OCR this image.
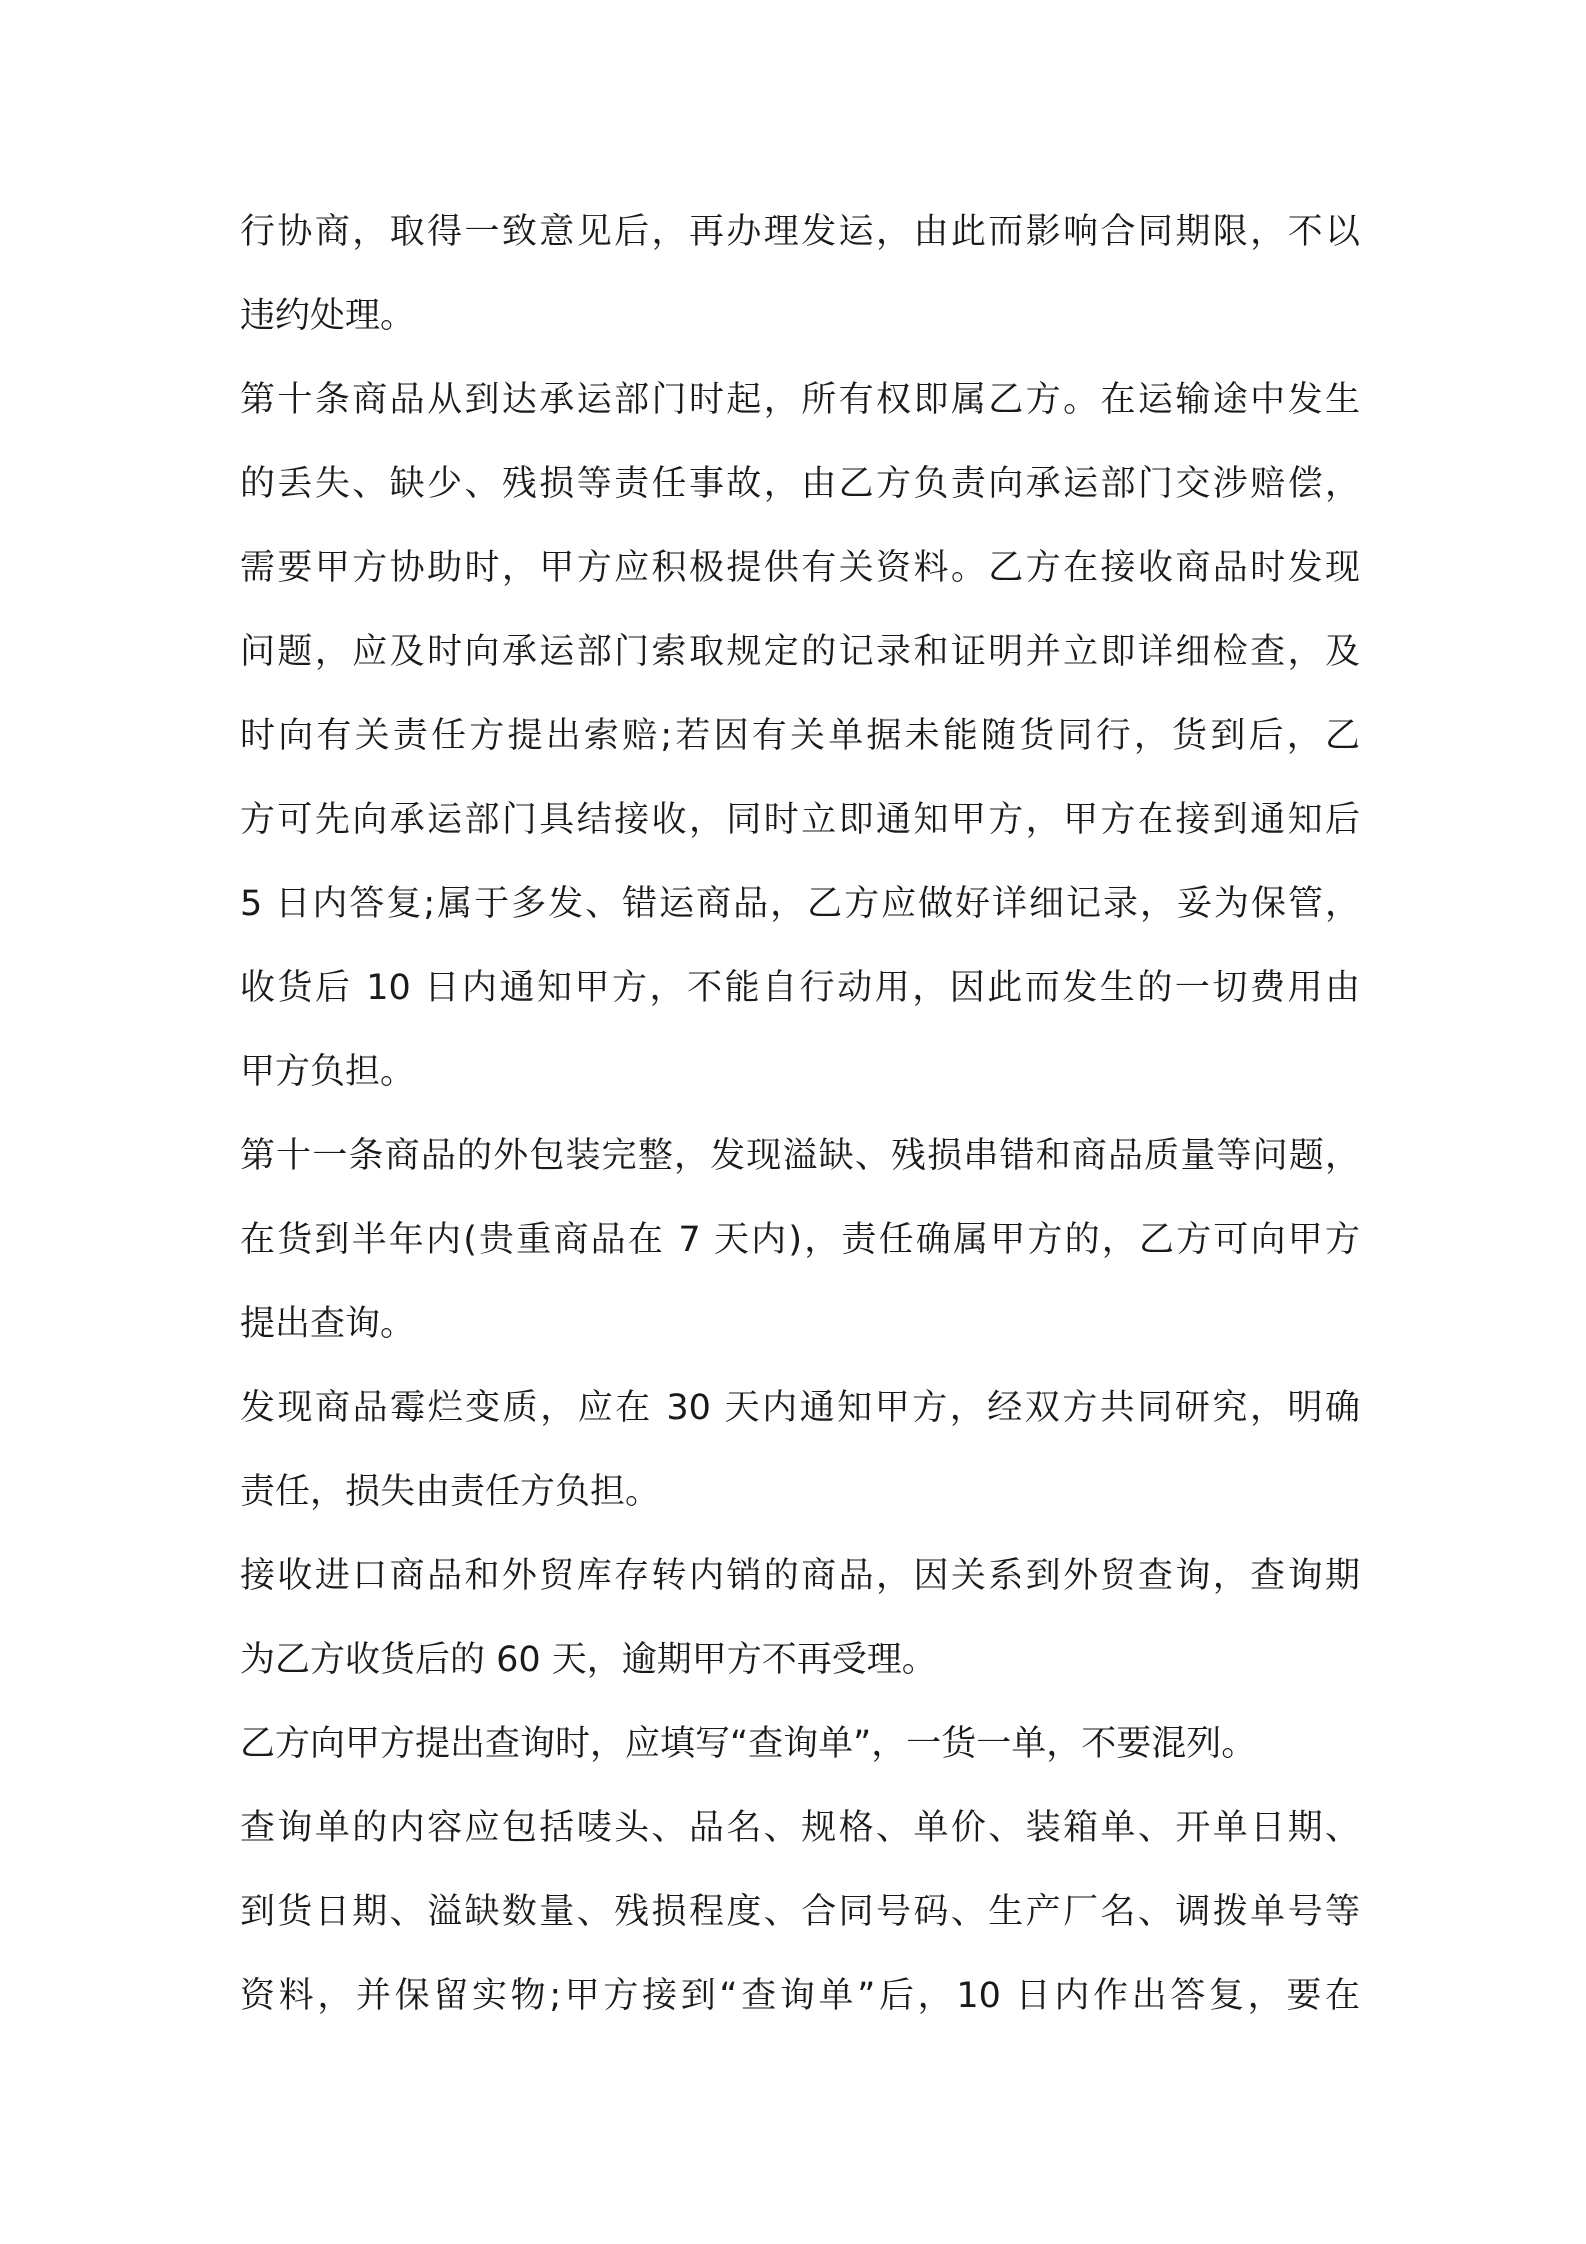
行协商，取得一致意见后，再办理发运，由此而影响合同期限，不以
违约处理。
第十条商品从到达承运部门时起，所有权即属乙方。在运输途中发生
的丢失、缺少、残损等责任事故，由乙方负责向承运部门交涉赔偿，
需要甲方协助时，甲方应积极提供有关资料。乙方在接收商品时发现
问题，应及时向承运部门索取规定的记录和证明并立即详细检查，及
时向有关责任方提出索赔;若因有关单据未能随货同行，货到后，乙
方可先向承运部门具结接收，同时立即通知甲方，甲方在接到通知后
5 日内答复;属于多发、错运商品，乙方应做好详细记录，妥为保管，
收货后 10 日内通知甲方，不能自行动用，因此而发生的一切费用由
甲方负担。
第十一条商品的外包装完整，发现溢缺、残损串错和商品质量等问题，
在货到半年内(贵重商品在 7 天内)，责任确属甲方的，乙方可向甲方
提出查询。
发现商品霉烂变质，应在 30 天内通知甲方，经双方共同研究，明确
责任，损失由责任方负担。
接收进口商品和外贸库存转内销的商品，因关系到外贸查询，查询期
为乙方收货后的 60 天，逾期甲方不再受理。
乙方向甲方提出查询时，应填写“查询单”，一货一单，不要混列。
查询单的内容应包括唛头、品名、规格、单价、装箱单、开单日期、
到货日期、溢缺数量、残损程度、合同号码、生产厂名、调拨单号等
资料，并保留实物;甲方接到“查询单”后，10 日内作出答复，要在
